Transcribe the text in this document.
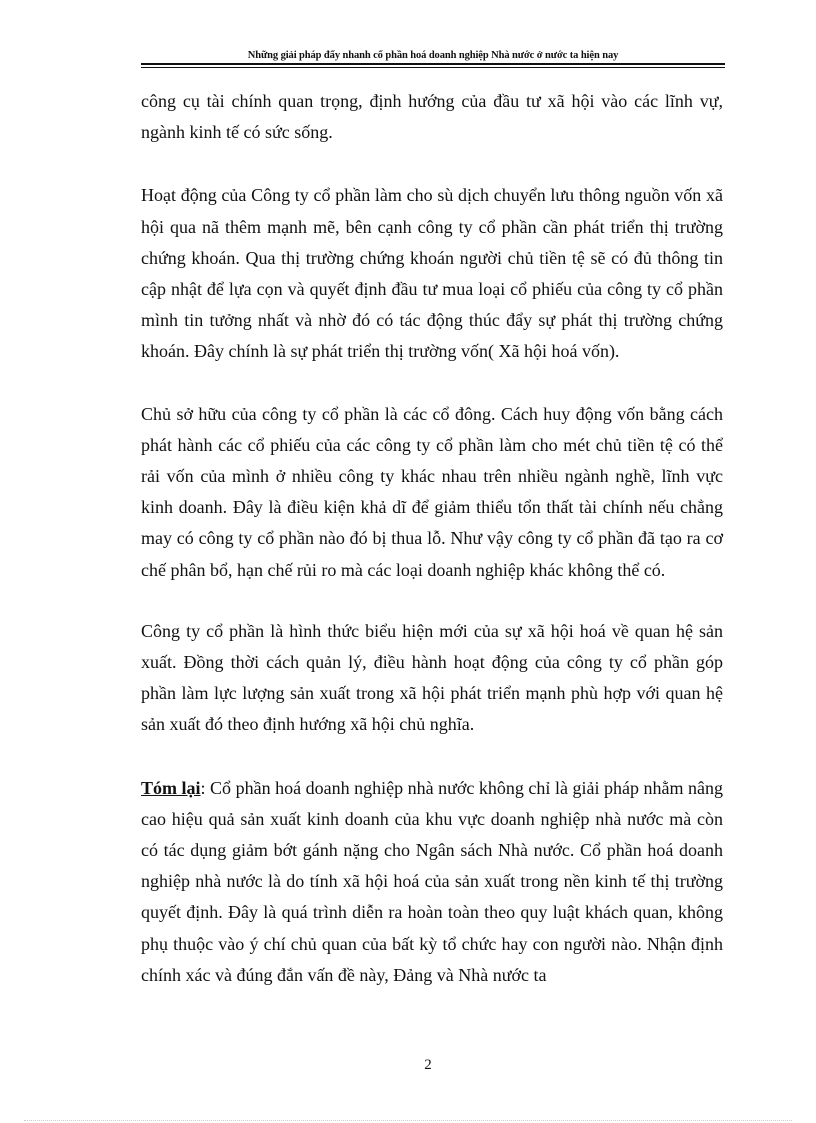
Những giải pháp đẩy nhanh cổ phần hoá doanh nghiệp Nhà nước ở nước ta hiện nay

công cụ tài chính quan trọng, định hướng của đầu tư xã hội vào các lĩnh vự, ngành kinh tế có sức sống.

Hoạt động của Công ty cổ phần làm cho sù dịch chuyển lưu thông nguồn vốn xã hội qua nã thêm mạnh mẽ, bên cạnh công ty cổ phần cần phát triển thị trường chứng khoán. Qua thị trường chứng khoán người chủ tiền tệ sẽ có đủ thông tin cập nhật để lựa cọn và quyết định đầu tư mua loại cổ phiếu của công ty cổ phần mình tin tưởng nhất và nhờ đó có tác động thúc đẩy sự phát thị trường chứng khoán. Đây chính là sự phát triển thị trường vốn( Xã hội hoá vốn).

Chủ sở hữu của công ty cổ phần là các cổ đông. Cách huy động vốn bằng cách phát hành các cổ phiếu của các công ty cổ phần làm cho mét chủ tiền tệ có thể rải vốn của mình ở nhiều công ty khác nhau trên nhiều ngành nghề, lĩnh vực kinh doanh. Đây là điều kiện khả dĩ để giảm thiểu tổn thất tài chính nếu chẳng may có công ty cổ phần nào đó bị thua lỗ. Như vậy công ty cổ phần đã tạo ra cơ chế phân bổ, hạn chế rủi ro mà các loại doanh nghiệp khác không thể có.

Công ty cổ phần là hình thức biểu hiện mới của sự xã hội hoá về quan hệ sản xuất. Đồng thời cách quản lý, điều hành hoạt động của công ty cổ phần góp phần làm lực lượng sản xuất trong xã hội phát triển mạnh phù hợp với quan hệ sản xuất đó theo định hướng xã hội chủ nghĩa.

Tóm lại: Cổ phần hoá doanh nghiệp nhà nước không chỉ là giải pháp nhằm nâng cao hiệu quả sản xuất kinh doanh của khu vực doanh nghiệp nhà nước mà còn có tác dụng giảm bớt gánh nặng cho Ngân sách Nhà nước. Cổ phần hoá doanh nghiệp nhà nước là do tính xã hội hoá của sản xuất trong nền kinh tế thị trường quyết định. Đây là quá trình diễn ra hoàn toàn theo quy luật khách quan, không phụ thuộc vào ý chí chủ quan của bất kỳ tổ chức hay con người nào. Nhận định chính xác và đúng đắn vấn đề này, Đảng và Nhà nước ta

2
